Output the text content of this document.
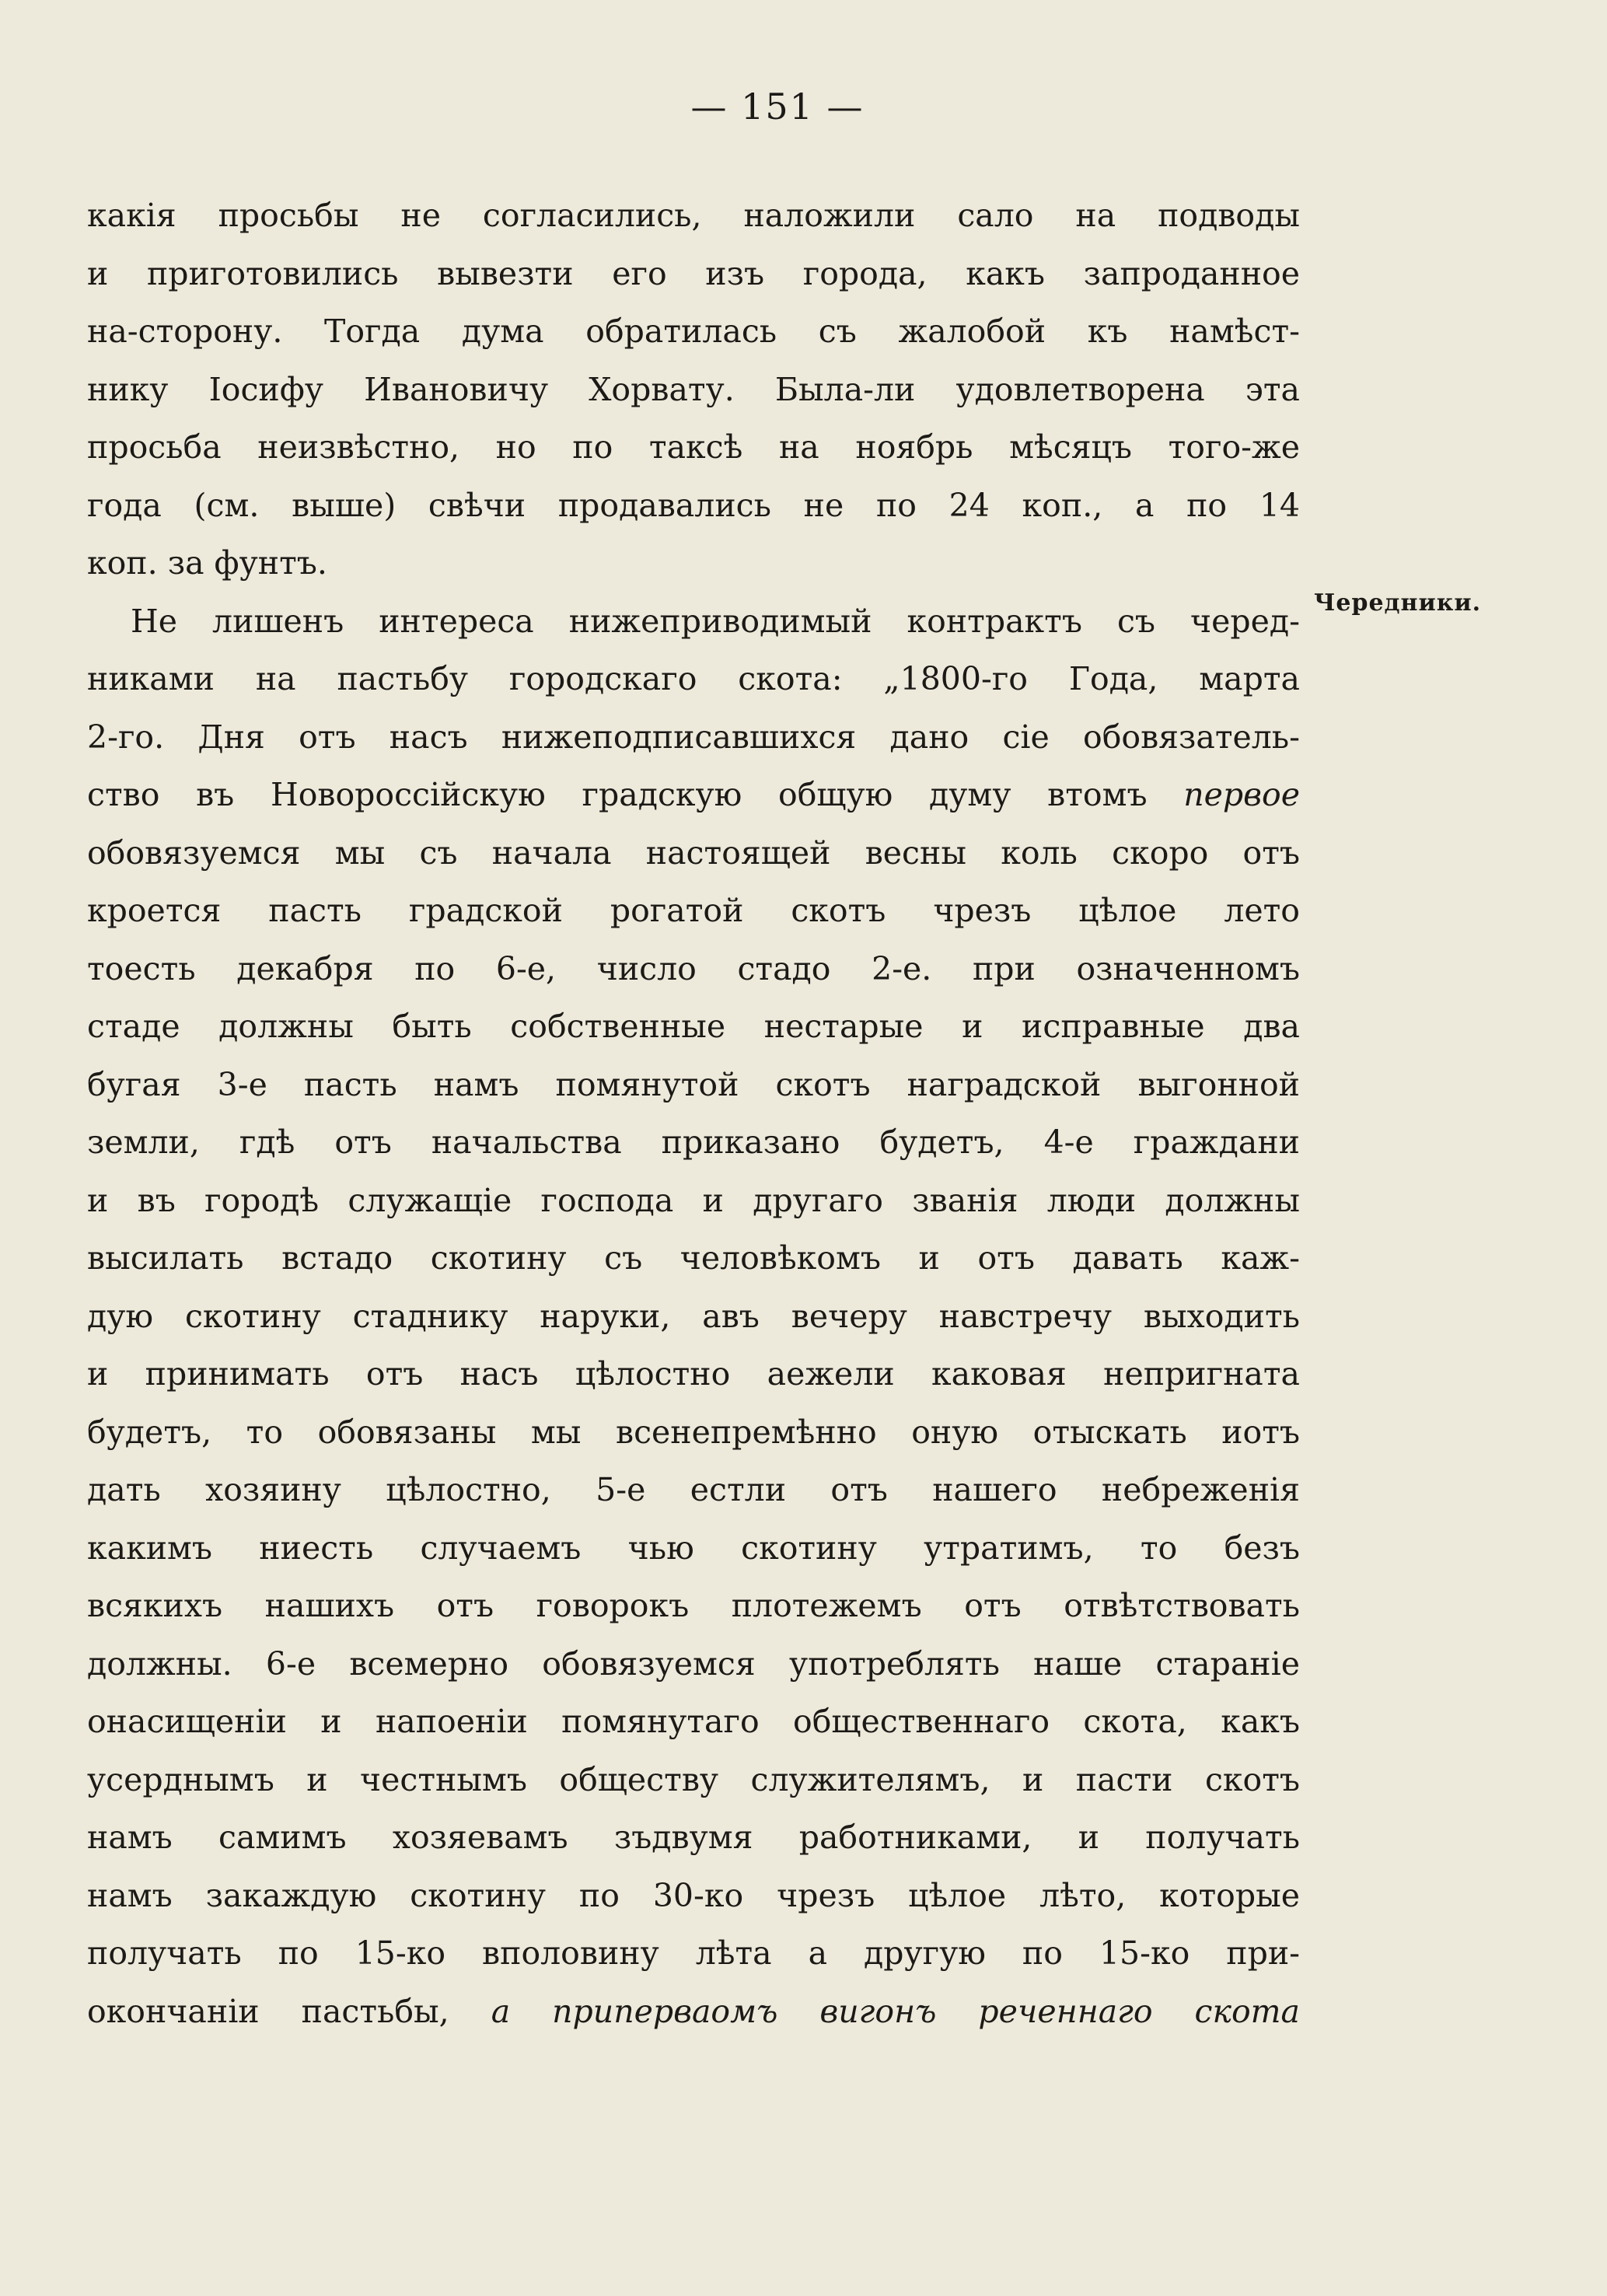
— 151 —
Чередники.
какія просьбы не согласились, наложили сало на подводы
и приготовились вывезти его изъ города, какъ запроданное
на-сторону. Тогда дума обратилась съ жалобой къ намѣст-
нику Іосифу Ивановичу Хорвату. Была-ли удовлетворена эта
просьба неизвѣстно, но по таксѣ на ноябрь мѣсяцъ того-же
года (см. выше) свѣчи продавались не по 24 коп., а по 14
коп. за фунтъ.
Не лишенъ интереса нижеприводимый контрактъ съ черед-
никами на пастьбу городскаго скота: „1800-го Года, марта
2-го. Дня отъ насъ нижеподписавшихся дано сіе обовязатель-
ство въ Новороссійскую градскую общую думу втомъ первое
обовязуемся мы съ начала настоящей весны коль скоро отъ
кроется пасть градской рогатой скотъ чрезъ цѣлое лето
тоесть декабря по 6-е, число стадо 2-е. при означенномъ
стаде должны быть собственные нестарые и исправные два
бугая 3-е пасть намъ помянутой скотъ наградской выгонной
земли, гдѣ отъ начальства приказано будетъ, 4-е граждани
и въ городѣ служащіе господа и другаго званія люди должны
высилать встадо скотину съ человѣкомъ и отъ давать каж-
дую скотину стаднику наруки, авъ вечеру навстречу выходить
и принимать отъ насъ цѣлостно аежели каковая непригната
будетъ, то обовязаны мы всенепремѣнно оную отыскать иотъ
дать хозяину цѣлостно, 5-е естли отъ нашего небреженія
какимъ ниесть случаемъ чью скотину утратимъ, то безъ
всякихъ нашихъ отъ говорокъ плотежемъ отъ отвѣтствовать
должны. 6-е всемерно обовязуемся употреблять наше стараніе
онасищеніи и напоеніи помянутаго общественнаго скота, какъ
усерднымъ и честнымъ обществу служителямъ, и пасти скотъ
намъ самимъ хозяевамъ зъдвумя работниками, и получать
намъ закаждую скотину по 30-ко чрезъ цѣлое лѣто, которые
получать по 15-ко вполовину лѣта а другую по 15-ко при-
окончаніи пастьбы, а приперваомъ вигонъ реченнаго скота
